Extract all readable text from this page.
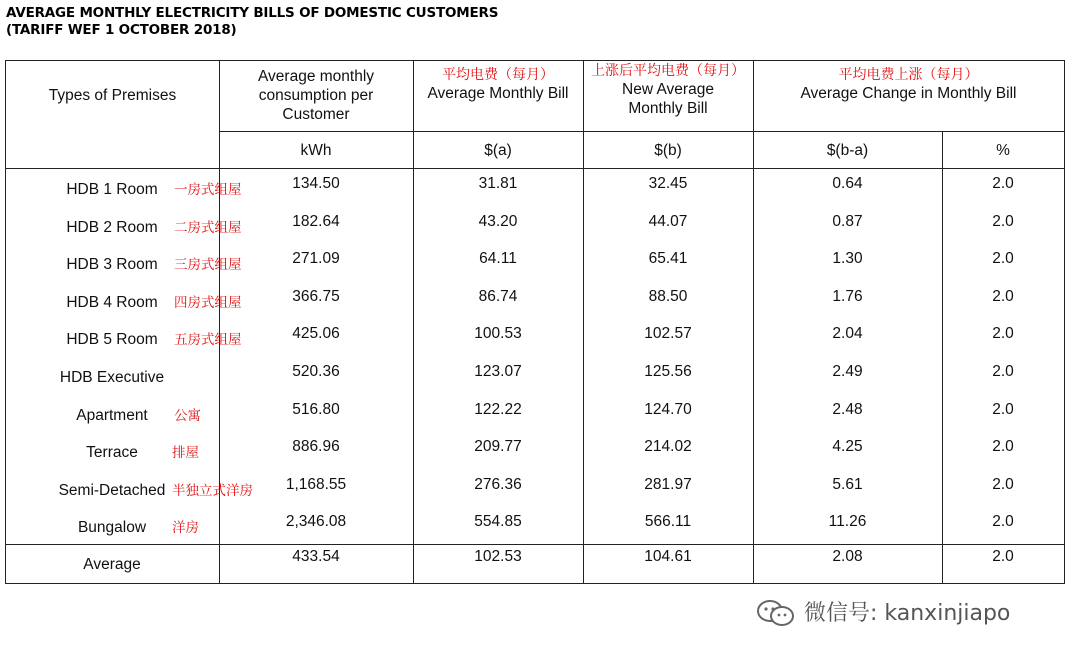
AVERAGE MONTHLY ELECTRICITY BILLS OF DOMESTIC CUSTOMERS
(TARIFF WEF 1 OCTOBER 2018)
Types of Premises
Average monthly consumption per Customer
平均电费（每月）
Average Monthly Bill
上涨后平均电费（每月）
New Average Monthly Bill
平均电费上涨（每月）
Average Change in Monthly Bill
kWh	$(a)	$(b)	$(b-a)	%
HDB 1 Room	一房式组屋	134.50	31.81	32.45	0.64	2.0
HDB 2 Room	二房式组屋	182.64	43.20	44.07	0.87	2.0
HDB 3 Room	三房式组屋	271.09	64.11	65.41	1.30	2.0
HDB 4 Room	四房式组屋	366.75	86.74	88.50	1.76	2.0
HDB 5 Room	五房式组屋	425.06	100.53	102.57	2.04	2.0
HDB Executive	520.36	123.07	125.56	2.49	2.0
Apartment	公寓	516.80	122.22	124.70	2.48	2.0
Terrace	排屋	886.96	209.77	214.02	4.25	2.0
Semi-Detached 半独立式洋房	1,168.55	276.36	281.97	5.61	2.0
Bungalow	洋房	2,346.08	554.85	566.11	11.26	2.0
Average	433.54	102.53	104.61	2.08	2.0
微信号: kanxinjiapo
